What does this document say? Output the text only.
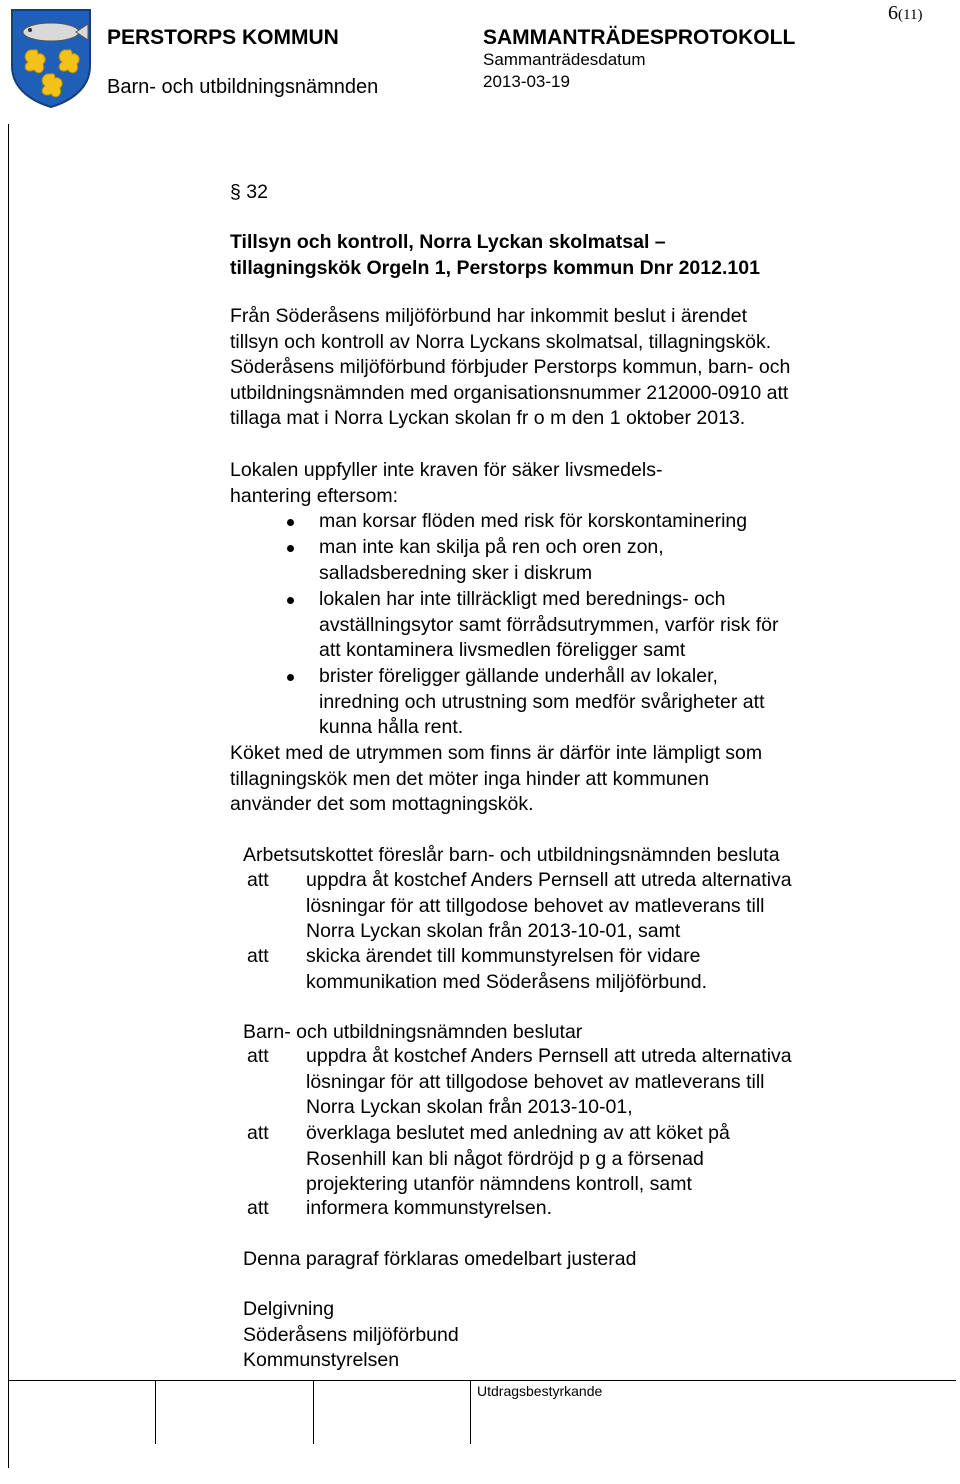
PERSTORPS KOMMUN
Barn- och utbildningsnämnden
SAMMANTRÄDESPROTOKOLL
Sammanträdesdatum
2013-03-19
6(11)
§ 32
Tillsyn och kontroll, Norra Lyckan skolmatsal –
tillagningskök Orgeln 1, Perstorps kommun Dnr 2012.101
Från Söderåsens miljöförbund har inkommit beslut i ärendet
tillsyn och kontroll av Norra Lyckans skolmatsal, tillagningskök.
Söderåsens miljöförbund förbjuder Perstorps kommun, barn- och
utbildningsnämnden med organisationsnummer 212000-0910 att
tillaga mat i Norra Lyckan skolan fr o m den 1 oktober 2013.
Lokalen uppfyller inte kraven för säker livsmedels-
hantering eftersom:
man korsar flöden med risk för korskontaminering
man inte kan skilja på ren och oren zon,
salladsberedning sker i diskrum
lokalen har inte tillräckligt med berednings- och
avställningsytor samt förrådsutrymmen, varför risk för
att kontaminera livsmedlen föreligger samt
brister föreligger gällande underhåll av lokaler,
inredning och utrustning som medför svårigheter att
kunna hålla rent.
Köket med de utrymmen som finns är därför inte lämpligt som
tillagningskök men det möter inga hinder att kommunen
använder det som mottagningskök.
Arbetsutskottet föreslår barn- och utbildningsnämnden besluta
att uppdra åt kostchef Anders Pernsell att utreda alternativa
lösningar för att tillgodose behovet av matleverans till
Norra Lyckan skolan från 2013-10-01, samt
att skicka ärendet till kommunstyrelsen för vidare
kommunikation med Söderåsens miljöförbund.
Barn- och utbildningsnämnden beslutar
att uppdra åt kostchef Anders Pernsell att utreda alternativa
lösningar för att tillgodose behovet av matleverans till
Norra Lyckan skolan från 2013-10-01,
att överklaga beslutet med anledning av att köket på
Rosenhill kan bli något fördröjd p g a försenad
projektering utanför nämndens kontroll, samt
att informera kommunstyrelsen.
Denna paragraf förklaras omedelbart justerad
Delgivning
Söderåsens miljöförbund
Kommunstyrelsen
Utdragsbestyrkande
